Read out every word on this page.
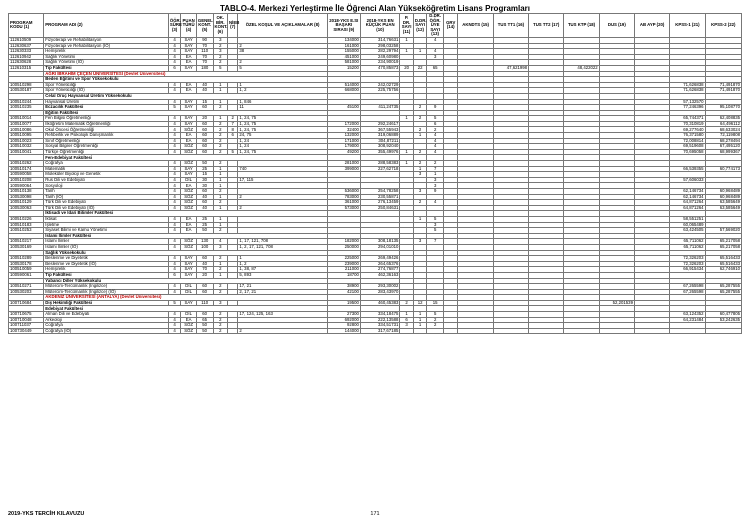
TABLO-4. Merkezi Yerleştirme İle Öğrenci Alan Yükseköğretim Lisans Programları
PROGRAM KODU (1)	PROGRAM ADI (2)	ÖĞR. SÜRE (3)	PUAN TÜRÜ (4)	GENEL KONT. (5)	OK. BİR. KONT. (6)	NİEB (7)	ÖZEL KOŞUL VE AÇIKLAMALAR (8)	2018-YKS E.SI BAŞARI SIRASI (9)	2018-YKS EN KÜÇÜK PUAN (10)	P. DR. SAYI (11)	D.DR. SAYI (12)	D.DR. ÖĞR. ÜYE SAYI (13)	GRV (14)	AKNDTS (15)	TUS TT1 (16)	TUS TT2 (17)	TUS KTP (18)	DUS (19)	AB AYP (20)	KPSS-1 (21)	KPSS-2 (22)
112610509	Fizyoterapi ve Rehabilitasyon	4	SAY	90	3			134000	314,76631	1		4									
112630637	Fizyoterapi ve Rehabilitasyon (İÖ)	4	SAY	70	2		2	161000	298,03258												
112630333	Hemşirelik	4	SAY	110	3		38	155000	282,29794	1	1	4									
112610942	Sağlık Yönetimi	4	EA	70	2			451000	249,60980			3									
112630628	Sağlık Yönetimi (İÖ)	4	EA	70	2		2	581000	234,90019												
112610315	Tıp Fakültesi	6	SAY	180	5		5	15200	470,85873	20	22	65			47,621998		48,422022				
	AĞRI İBRAHİM ÇEÇEN ÜNİVERSİTESİ (Devlet Üniversitesi)																				
	Beden Eğitimi ve Spor Yüksekokulu																				
100510298	Spor Yöneticiliği	4	EA	40	1		1	514000	242,02729											71,626838	71,491870
100530187	Spor Yöneticiliği (İÖ)	4	EA	40	1		1, 2	668000	225,75756											71,626838	71,491870
	Celal Oruç Hayvansal Üretim Yüksekokulu																				
100510244	Hayvansal Üretim	4	SAY	15	1		1, 846													57,132570	
100510235	Eczacılık Fakültesi	5	SAY	60	2		11	45100	411,24735		2	9								77,246396	95,108770
	Eğitim Fakültesi																				
100510014	Fen Bilgisi Öğretmenliği	4	SAY	20	1	2	1, 24, 75			1	2	5								65,744371	62,408835
100510077	İlköğretim Matematik Öğretmenliği	4	SAY	60	2	7	1, 24, 75	172000	292,24617			6								70,310819	64,496112
100510086	Okul Öncesi Öğretmenliği	4	SÖZ	60	2	8	1, 24, 75	32400	367,55943		2	2								69,277640	68,633024
100510095	Rehberlik ve Psikolojik Danışmanlık	4	EA	60	2	6	24, 75	132000	319,06889		1	4								76,371580	72,119808
100510023	Sınıf Öğretmenliği	4	EA	60	2		1, 24	171000	304,87211			4								72,008814	68,278494
100510032	Sosyal Bilgiler Öğretmenliği	4	SÖZ	60	2		1, 24	179000	308,92040			4								69,519608	67,495120
100510041	Türkçe Öğretmenliği	4	SÖZ	60	2	5	1, 24, 75	49200	355,49976	1	2	4								70,695058	68,999367
	Fen-Edebiyat Fakültesi																				
100510262	Coğrafya	4	SÖZ	50	2			281000	288,58383	1	2	2									
100510174	Matematik	4	SAY	25	1		740	399000	227,62718		1	7								66,539355	60,774173
100590058	Moleküler Biyoloji ve Genetik	4	SAY	15	1						3	1									
100510208	Rus Dili ve Edebiyatı	4	DİL	30	1		17, 115					3								57,606033	
100590064	Sosyoloji	4	EA	30	1							3									
100510138	Tarih	4	SÖZ	60	2			536000	254,78258		3	9								62,146734	60,968489
100530098	Tarih (İÖ)	4	SÖZ	40	1		2	783000	230,55871											62,146734	60,968489
100510129	Türk Dili ve Edebiyatı	4	SÖZ	60	2			361000	276,13459		2	4								64,871264	63,585649
100530063	Türk Dili ve Edebiyatı (İÖ)	4	SÖZ	40	1		2	573000	250,84631											64,871264	63,585649
	İktisadi ve İdari Bilimler Fakültesi																				
100510226	İktisat	4	EA	25	1						1	5								58,551251	
100510183	İşletme	4	EA	25	1							3								60,065489	
100510253	Siyaset Bilimi ve Kamu Yönetimi	4	EA	50	2							5								63,424505	57,569020
	İslami İlimler Fakültesi																				
100510217	İslami İlimler	4	SÖZ	130	4		1, 17, 121, 708	182000	308,18135		3	7								65,711062	65,217058
100530169	İslami İlimler (İÖ)	4	SÖZ	100	3		1, 2, 17, 121, 708	250000	294,01010											65,711062	65,217058
	Sağlık Yüksekokulu																				
100510289	Beslenme ve Diyetetik	4	SAY	60	2		1	225000	269,49426											72,326203	65,516433
100530178	Beslenme ve Diyetetik (İÖ)	4	SAY	40	1		1, 2	239000	264,65376											72,326203	65,516433
100510059	Hemşirelik	4	SAY	70	2		1, 38, 87	211000	274,76877											66,915434	62,746910
100590061	Tıp Fakültesi	6	SAY	20	1		5, 893	18700	462,36163												
	Yabancı Diller Yüksekokulu																				
100510271	Mütercim-Tercümanlık (İngilizce)	4	DİL	60	2		17, 21	38900	293,30002											67,265598	65,287555
100530203	Mütercim-Tercümanlık (İngilizce) (İÖ)	4	DİL	60	2		2, 17, 21	42100	283,43970											67,265598	65,287555
	AKDENİZ ÜNİVERSİTESİ (ANTALYA) (Devlet Üniversitesi)																				
100710684	Diş Hekimliği Fakültesi	5	SAY	110	3			19500	460,45383	2	12	15						52,201539			
	Edebiyat Fakültesi																				
100710675	Alman Dili ve Edebiyatı	4	DİL	60	2		17, 124, 125, 163	27300	334,18475	1	1	5								63,124352	60,477805
100710048	Arkeoloji	4	EA	65	2			692000	222,13588	6	1	2								64,231484	53,242635
100711037	Coğrafya	4	SÖZ	50	2			92800	334,51731	3	1	2									
100730449	Coğrafya (İÖ)	4	SÖZ	50	2		2	144000	317,67185												
2019-YKS TERCİH KILAVUZU	171
